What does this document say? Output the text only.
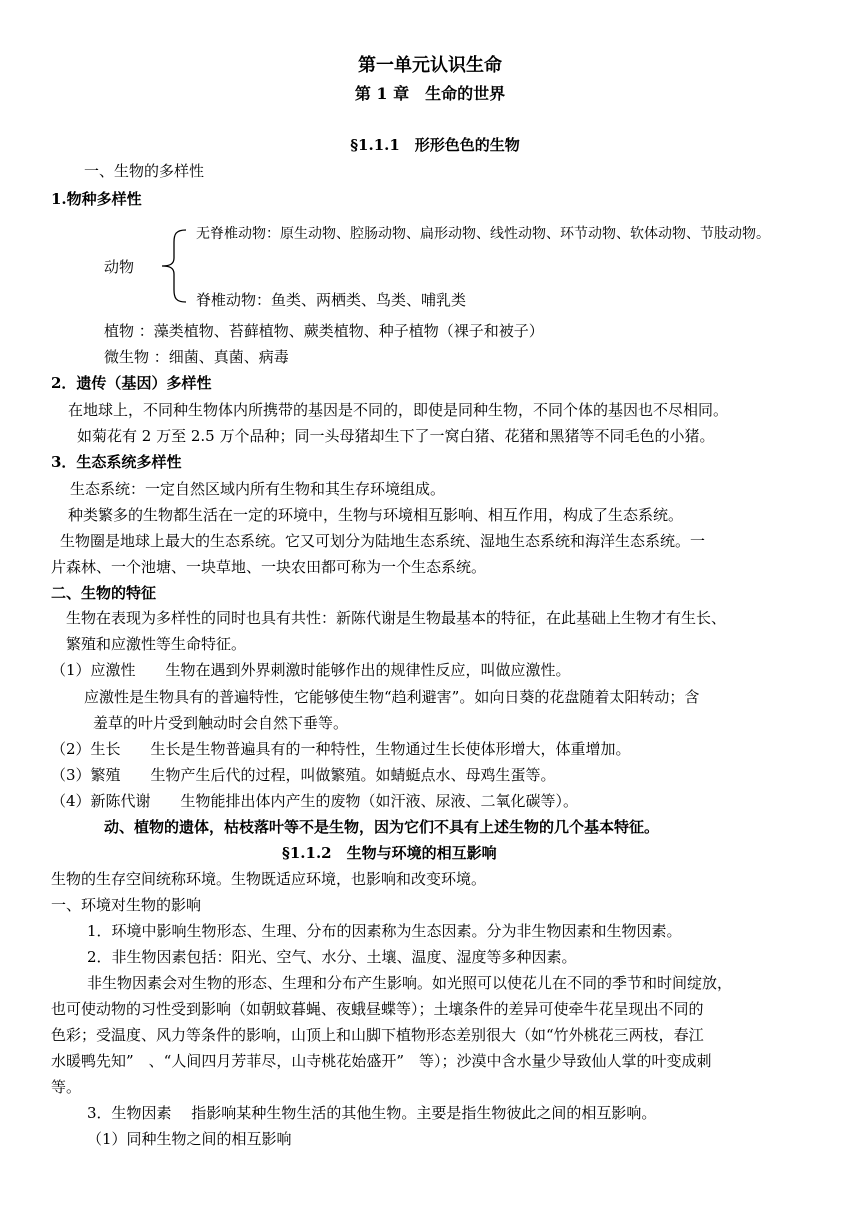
第一单元认识生命
第 1 章　生命的世界
§1.1.1　形形色色的生物
一、生物的多样性
1.物种多样性
无脊椎动物：原生动物、腔肠动物、扁形动物、线性动物、环节动物、软体动物、节肢动物。
动物
脊椎动物：鱼类、两栖类、鸟类、哺乳类
植物 ：藻类植物、苔藓植物、蕨类植物、种子植物（裸子和被子）
微生物 ：细菌、真菌、病毒
2．遗传（基因）多样性
在地球上，不同种生物体内所携带的基因是不同的，即使是同种生物，不同个体的基因也不尽相同。
如菊花有 2 万至 2.5 万个品种；同一头母猪却生下了一窝白猪、花猪和黑猪等不同毛色的小猪。
3．生态系统多样性
生态系统：一定自然区域内所有生物和其生存环境组成。
种类繁多的生物都生活在一定的环境中，生物与环境相互影响、相互作用，构成了生态系统。
生物圈是地球上最大的生态系统。它又可划分为陆地生态系统、湿地生态系统和海洋生态系统。一
片森林、一个池塘、一块草地、一块农田都可称为一个生态系统。
二、生物的特征
生物在表现为多样性的同时也具有共性：新陈代谢是生物最基本的特征，在此基础上生物才有生长、
繁殖和应激性等生命特征。
（1）应激性　　生物在遇到外界刺激时能够作出的规律性反应，叫做应激性。
应激性是生物具有的普遍特性，它能够使生物“趋利避害”。如向日葵的花盘随着太阳转动；含
羞草的叶片受到触动时会自然下垂等。
（2）生长　　生长是生物普遍具有的一种特性，生物通过生长使体形增大，体重增加。
（3）繁殖　　生物产生后代的过程，叫做繁殖。如蜻蜓点水、母鸡生蛋等。
（4）新陈代谢　　生物能排出体内产生的废物（如汗液、尿液、二氧化碳等）。
动、植物的遗体，枯枝落叶等不是生物，因为它们不具有上述生物的几个基本特征。
§1.1.2　生物与环境的相互影响
生物的生存空间统称环境。生物既适应环境，也影响和改变环境。
一、环境对生物的影响
1．环境中影响生物形态、生理、分布的因素称为生态因素。分为非生物因素和生物因素。
2．非生物因素包括：阳光、空气、水分、土壤、温度、湿度等多种因素。
非生物因素会对生物的形态、生理和分布产生影响。如光照可以使花儿在不同的季节和时间绽放，
也可使动物的习性受到影响（如朝蚊暮蝇、夜蛾昼蝶等）；土壤条件的差异可使牵牛花呈现出不同的
色彩；受温度、风力等条件的影响，山顶上和山脚下植物形态差别很大（如“竹外桃花三两枝，春江
水暖鸭先知”　、“人间四月芳菲尽，山寺桃花始盛开”　等）；沙漠中含水量少导致仙人掌的叶变成刺
等。
3．生物因素　 指影响某种生物生活的其他生物。主要是指生物彼此之间的相互影响。
（1）同种生物之间的相互影响
